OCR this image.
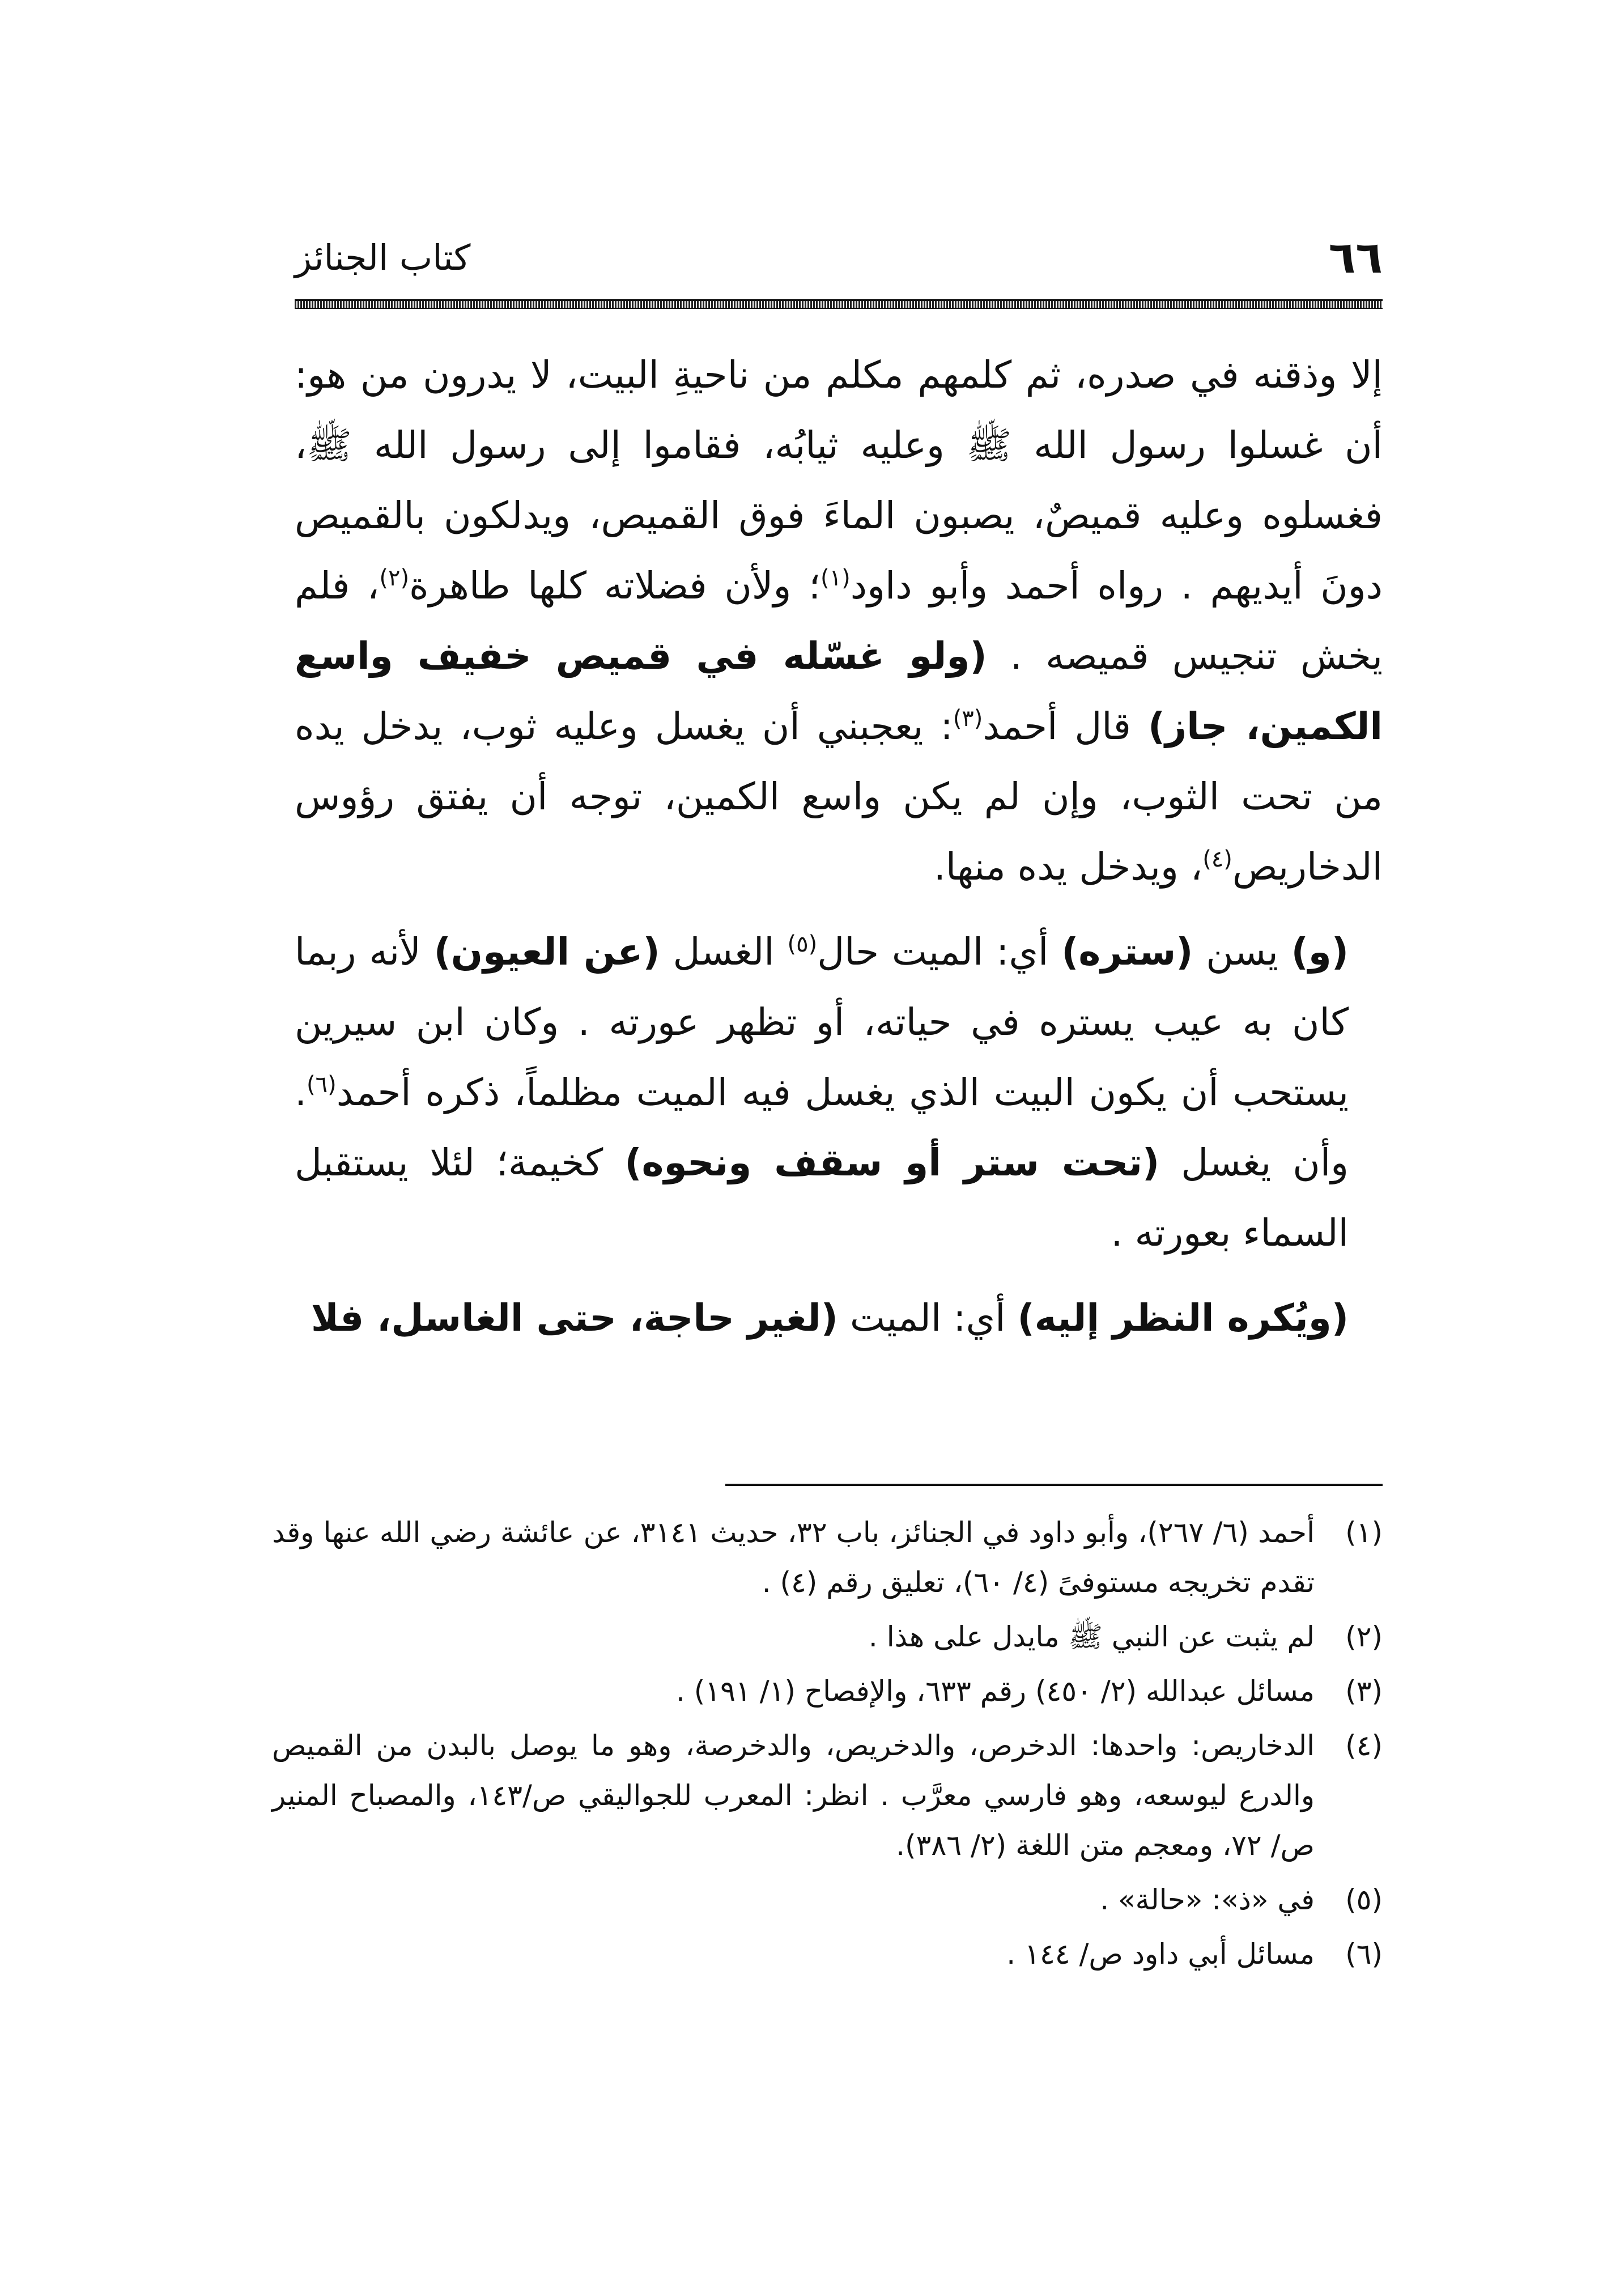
٦٦
كتاب الجنائز

إلا وذقنه في صدره، ثم كلمهم مكلم من ناحيةِ البيت، لا يدرون من هو: أن غسلوا رسول الله ﷺ وعليه ثيابُه، فقاموا إلى رسول الله ﷺ، فغسلوه وعليه قميصٌ، يصبون الماءَ فوق القميص، ويدلكون بالقميص دونَ أيديهم . رواه أحمد وأبو داود$^{(١)}$؛ ولأن فضلاته كلها طاهرة$^{(٢)}$، فلم يخش تنجيس قميصه . (ولو غسّله في قميص خفيف واسع الكمين، جاز) قال أحمد$^{(٣)}$: يعجبني أن يغسل وعليه ثوب، يدخل يده من تحت الثوب، وإن لم يكن واسع الكمين، توجه أن يفتق رؤوس الدخاريص$^{(٤)}$، ويدخل يده منها.

(و) يسن (ستره) أي: الميت حال$^{(٥)}$ الغسل (عن العيون) لأنه ربما كان به عيب يستره في حياته، أو تظهر عورته . وكان ابن سيرين يستحب أن يكون البيت الذي يغسل فيه الميت مظلماً، ذكره أحمد$^{(٦)}$. وأن يغسل (تحت ستر أو سقف ونحوه) كخيمة؛ لئلا يستقبل السماء بعورته .

(ويُكره النظر إليه) أي: الميت (لغير حاجة، حتى الغاسل، فلا

(١)
أحمد (٦/ ٢٦٧)، وأبو داود في الجنائز، باب ٣٢، حديث ٣١٤١، عن عائشة رضي الله عنها وقد تقدم تخريجه مستوفىً (٤/ ٦٠)، تعليق رقم (٤) .
(٢)
لم يثبت عن النبي ﷺ مايدل على هذا .
(٣)
مسائل عبدالله (٢/ ٤٥٠) رقم ٦٣٣، والإفصاح (١/ ١٩١) .
(٤)
الدخاريص: واحدها: الدخرص، والدخريص، والدخرصة، وهو ما يوصل بالبدن من القميص والدرع ليوسعه، وهو فارسي معرَّب . انظر: المعرب للجواليقي ص/١٤٣، والمصباح المنير ص/ ٧٢، ومعجم متن اللغة (٢/ ٣٨٦).
(٥)
في «ذ»: «حالة» .
(٦)
مسائل أبي داود ص/ ١٤٤ .
